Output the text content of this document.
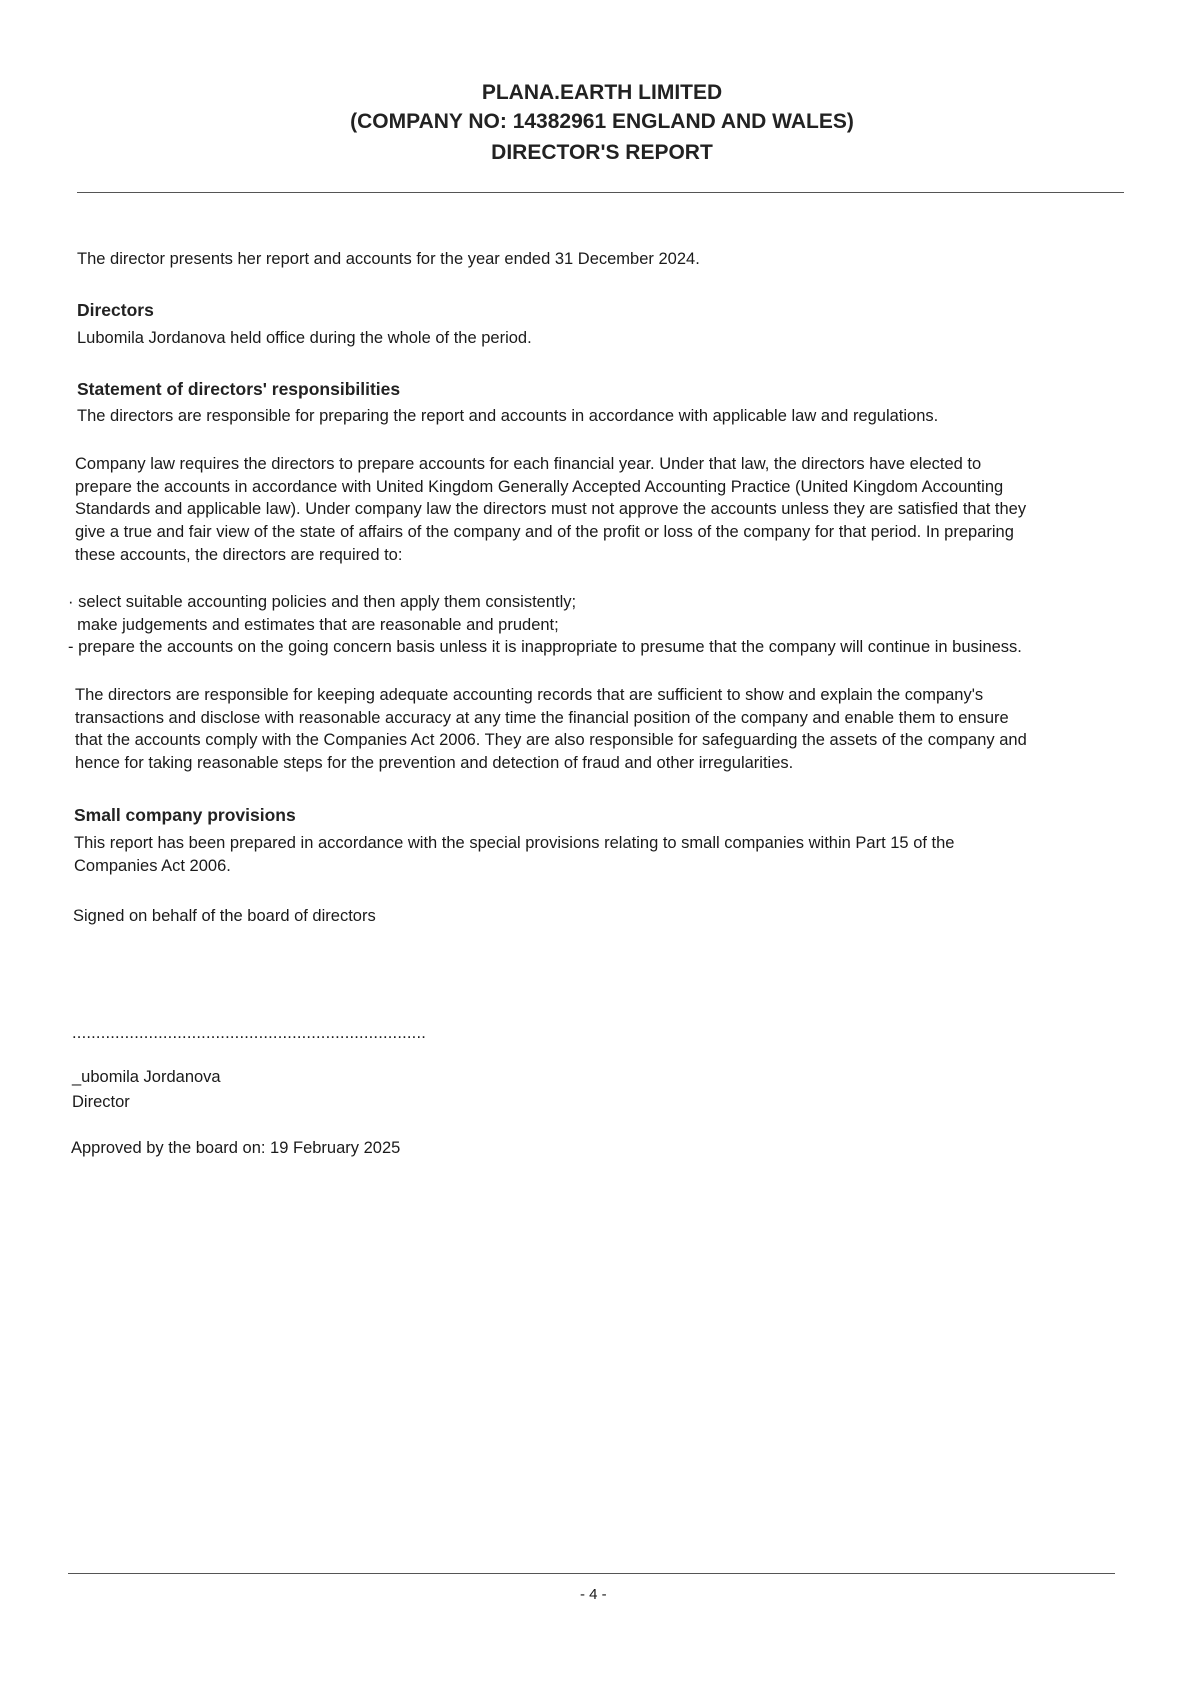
PLANA.EARTH LIMITED
(COMPANY NO: 14382961 ENGLAND AND WALES)
DIRECTOR'S REPORT
The director presents her report and accounts for the year ended 31 December 2024.
Directors
Lubomila Jordanova held office during the whole of the period.
Statement of directors' responsibilities
The directors are responsible for preparing the report and accounts in accordance with applicable law and regulations.
Company law requires the directors to prepare accounts for each financial year. Under that law, the directors have elected to
prepare the accounts in accordance with United Kingdom Generally Accepted Accounting Practice (United Kingdom Accounting
Standards and applicable law). Under company law the directors must not approve the accounts unless they are satisfied that they
give a true and fair view of the state of affairs of the company and of the profit or loss of the company for that period. In preparing
these accounts, the directors are required to:
· select suitable accounting policies and then apply them consistently;
make judgements and estimates that are reasonable and prudent;
- prepare the accounts on the going concern basis unless it is inappropriate to presume that the company will continue in business.
The directors are responsible for keeping adequate accounting records that are sufficient to show and explain the company's
transactions and disclose with reasonable accuracy at any time the financial position of the company and enable them to ensure
that the accounts comply with the Companies Act 2006. They are also responsible for safeguarding the assets of the company and
hence for taking reasonable steps for the prevention and detection of fraud and other irregularities.
Small company provisions
This report has been prepared in accordance with the special provisions relating to small companies within Part 15 of the
Companies Act 2006.
Signed on behalf of the board of directors
..........................................................................
_ubomila Jordanova
Director
Approved by the board on: 19 February 2025
- 4 -
